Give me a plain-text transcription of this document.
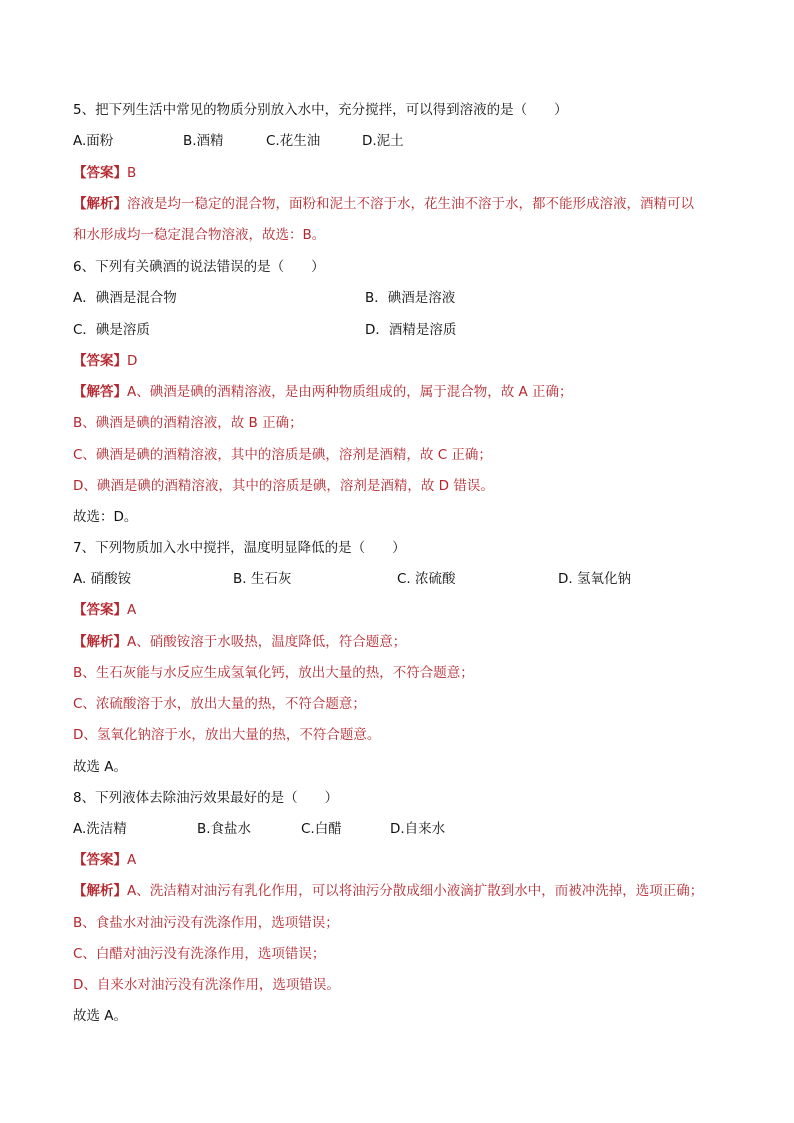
5、把下列生活中常见的物质分别放入水中，充分搅拌，可以得到溶液的是（　　）
A.面粉	B.酒精	C.花生油	D.泥土
【答案】B
【解析】溶液是均一稳定的混合物，面粉和泥土不溶于水，花生油不溶于水，都不能形成溶液，酒精可以
和水形成均一稳定混合物溶液，故选：B。
6、下列有关碘酒的说法错误的是（　　）
A．碘酒是混合物	B．碘酒是溶液
C．碘是溶质	D．酒精是溶质
【答案】D
【解答】A、碘酒是碘的酒精溶液，是由两种物质组成的，属于混合物，故 A 正确；
B、碘酒是碘的酒精溶液，故 B 正确；
C、碘酒是碘的酒精溶液，其中的溶质是碘，溶剂是酒精，故 C 正确；
D、碘酒是碘的酒精溶液，其中的溶质是碘，溶剂是酒精，故 D 错误。
故选：D。
7、下列物质加入水中搅拌，温度明显降低的是（　　）
A. 硝酸铵	B. 生石灰	C. 浓硫酸	D. 氢氧化钠
【答案】A
【解析】A、硝酸铵溶于水吸热，温度降低，符合题意；
B、生石灰能与水反应生成氢氧化钙，放出大量的热，不符合题意；
C、浓硫酸溶于水，放出大量的热，不符合题意；
D、氢氧化钠溶于水，放出大量的热，不符合题意。
故选 A。
8、下列液体去除油污效果最好的是（　　）
A.洗洁精	B.食盐水	C.白醋	D.自来水
【答案】A
【解析】A、洗洁精对油污有乳化作用，可以将油污分散成细小液滴扩散到水中，而被冲洗掉，选项正确；
B、食盐水对油污没有洗涤作用，选项错误；
C、白醋对油污没有洗涤作用，选项错误；
D、自来水对油污没有洗涤作用，选项错误。
故选 A。
